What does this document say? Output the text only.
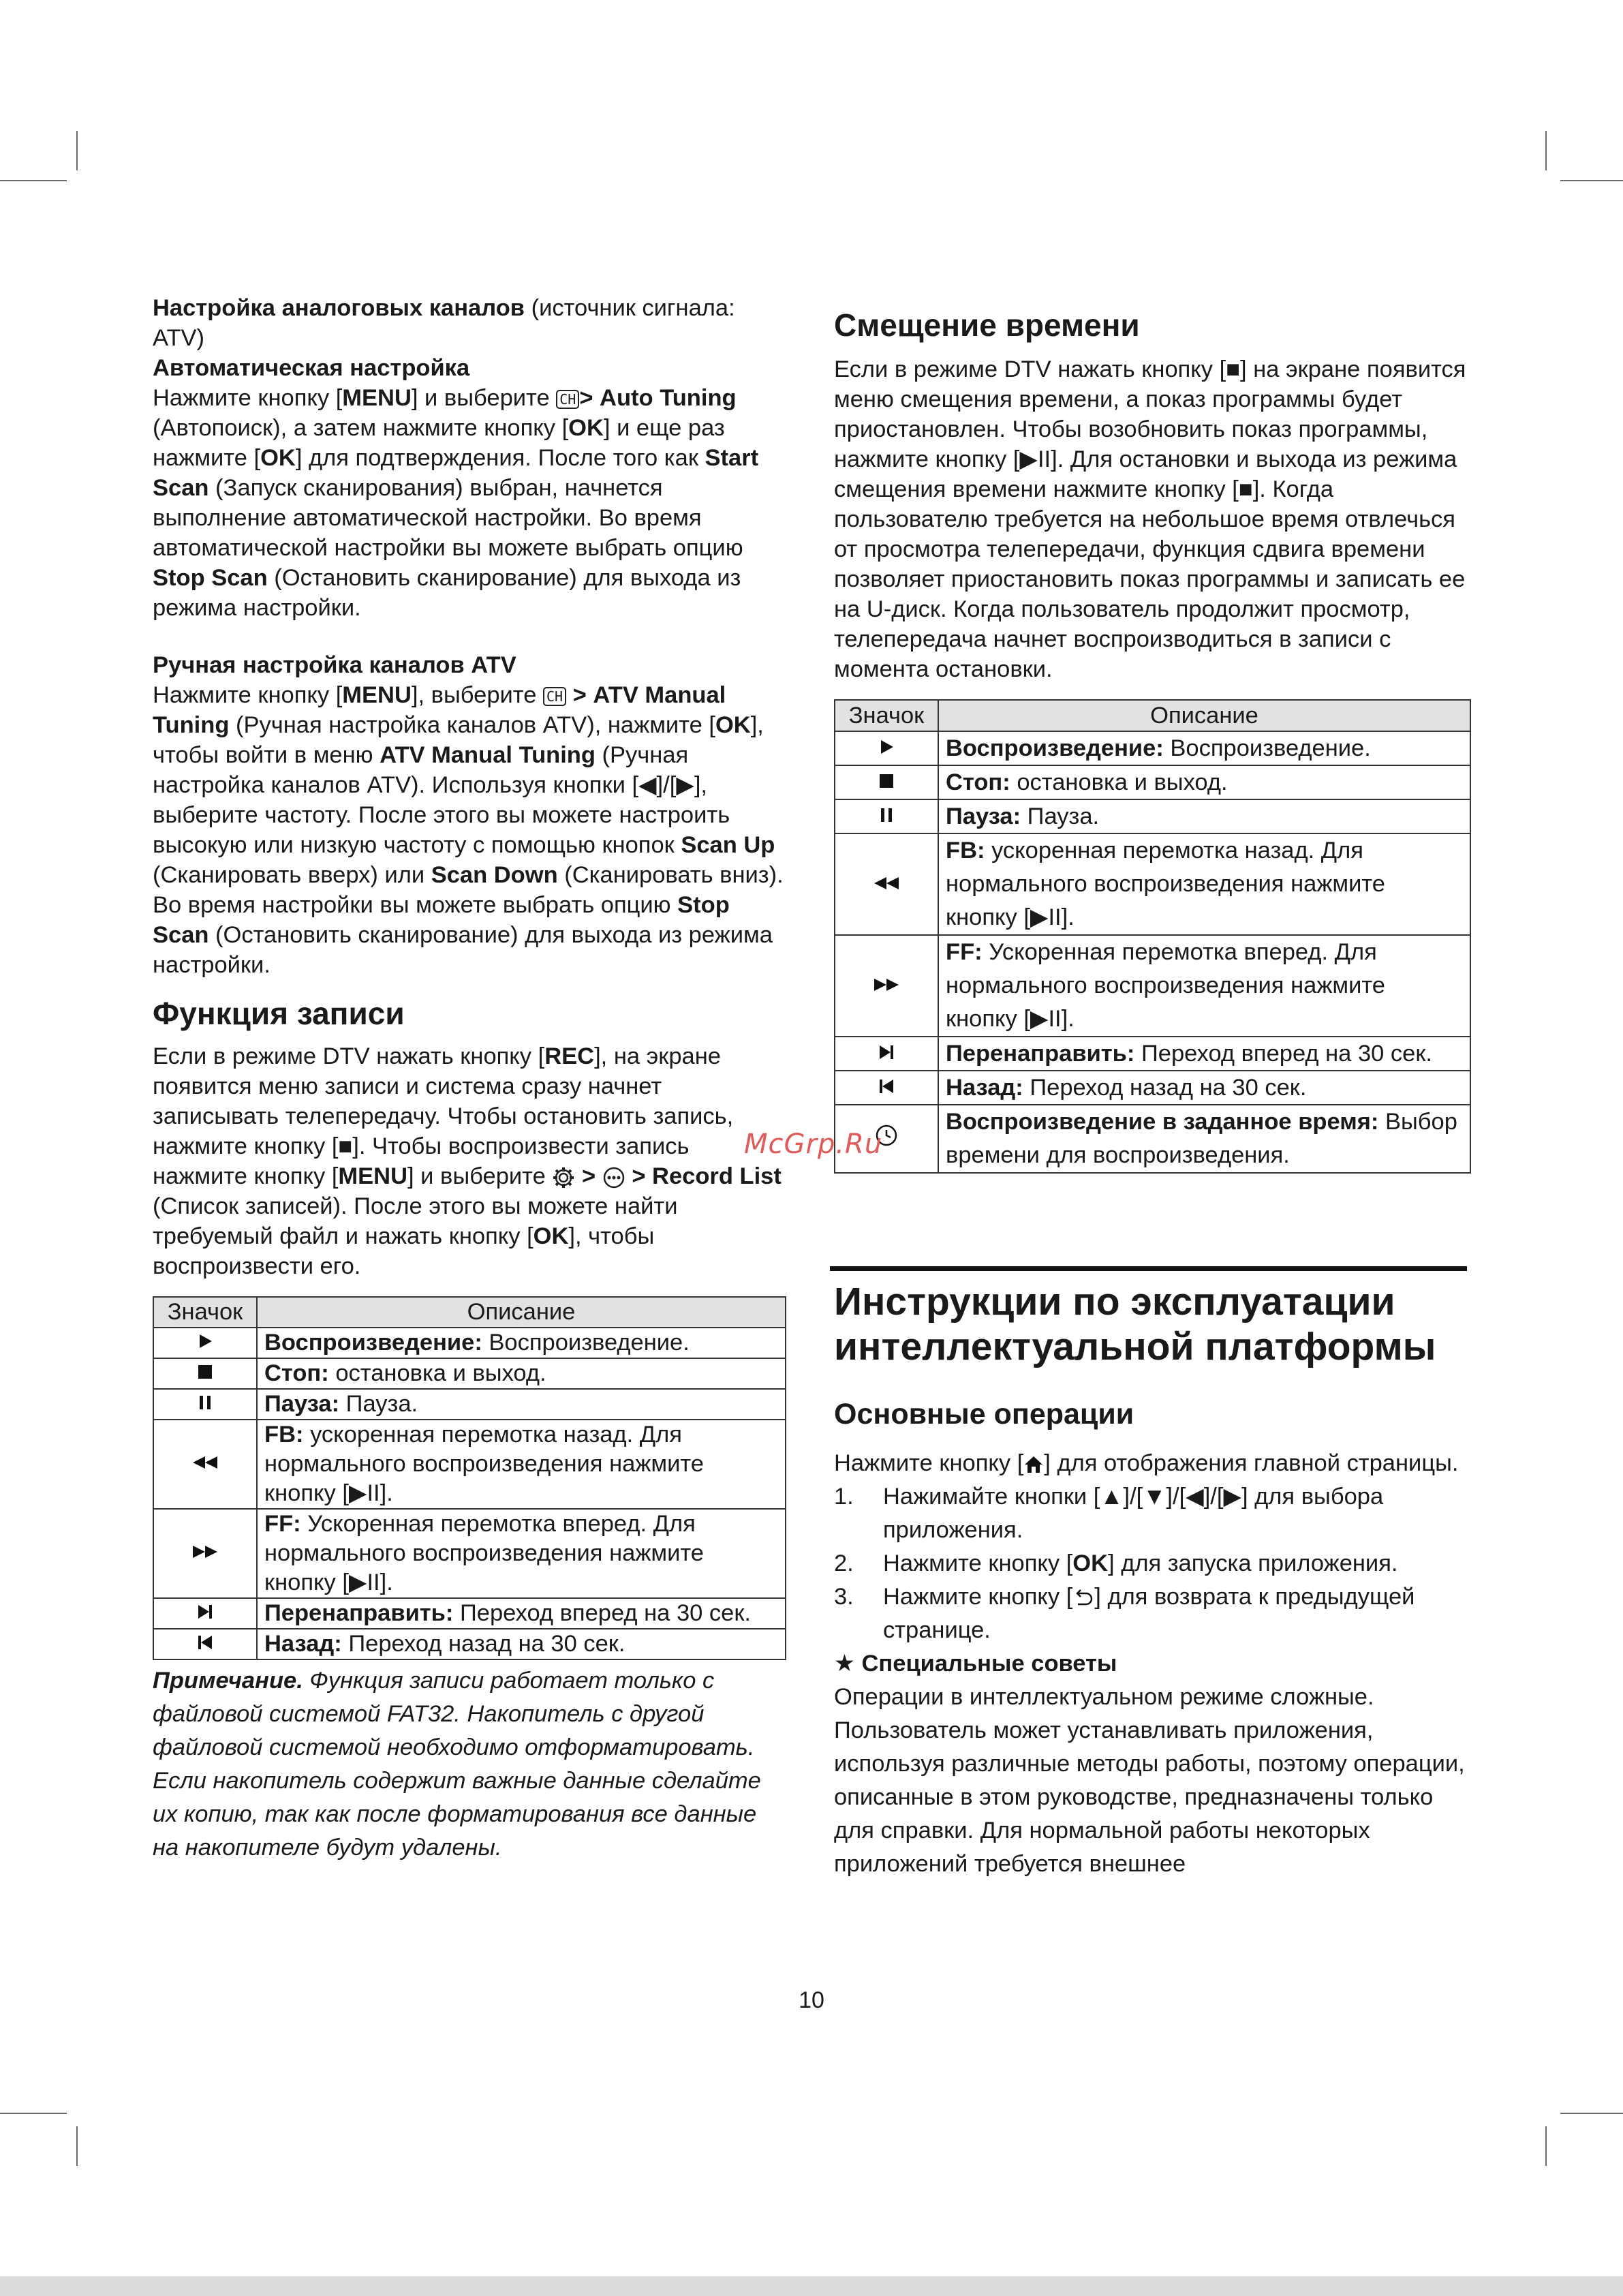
Настройка аналоговых каналов (источник сигнала: ATV)

Автоматическая настройка

Нажмите кнопку [MENU] и выберите CH > Auto Tuning (Автопоиск), а затем нажмите кнопку [OK] и еще раз нажмите [OK] для подтверждения. После того как Start Scan (Запуск сканирования) выбран, начнется выполнение автоматической настройки. Во время автоматической настройки вы можете выбрать опцию Stop Scan (Остановить сканирование) для выхода из режима настройки.

Ручная настройка каналов ATV

Нажмите кнопку [MENU], выберите CH > ATV Manual Tuning (Ручная настройка каналов ATV), нажмите [OK], чтобы войти в меню ATV Manual Tuning (Ручная настройка каналов ATV). Используя кнопки [◀]/[▶], выберите частоту. После этого вы можете настроить высокую или низкую частоту с помощью кнопок Scan Up (Сканировать вверх) или Scan Down (Сканировать вниз). Во время настройки вы можете выбрать опцию Stop Scan (Остановить сканирование) для выхода из режима настройки.

Функция записи

Если в режиме DTV нажать кнопку [REC], на экране появится меню записи и система сразу начнет записывать телепередачу. Чтобы остановить запись, нажмите кнопку [■]. Чтобы воспроизвести запись нажмите кнопку [MENU] и выберите  > > Record List (Список записей). После этого вы можете найти требуемый файл и нажать кнопку [OK], чтобы воспроизвести его.

Значок	Описание
	Воспроизведение: Воспроизведение.
	Стоп: остановка и выход.
	Пауза: Пауза.
	FB: ускоренная перемотка назад. Для нормального воспроизведения нажмите кнопку [▶II].
	FF: Ускоренная перемотка вперед. Для нормального воспроизведения нажмите кнопку [▶II].
	Перенаправить: Переход вперед на 30 сек.
	Назад: Переход назад на 30 сек.

Примечание. Функция записи работает только с файловой системой FAT32. Накопитель с другой файловой системой необходимо отформатировать. Если накопитель содержит важные данные сделайте их копию, так как после форматирования все данные на накопителе будут удалены.

Смещение времени

Если в режиме DTV нажать кнопку [■] на экране появится меню смещения времени, а показ программы будет приостановлен. Чтобы возобновить показ программы, нажмите кнопку [▶II]. Для остановки и выхода из режима смещения времени нажмите кнопку [■]. Когда пользователю требуется на небольшое время отвлечься от просмотра телепередачи, функция сдвига времени позволяет приостановить показ программы и записать ее на U-диск. Когда пользователь продолжит просмотр, телепередача начнет воспроизводиться в записи с момента остановки.

Значок	Описание
	Воспроизведение: Воспроизведение.
	Стоп: остановка и выход.
	Пауза: Пауза.
	FB: ускоренная перемотка назад. Для нормального воспроизведения нажмите кнопку [▶II].
	FF: Ускоренная перемотка вперед. Для нормального воспроизведения нажмите кнопку [▶II].
	Перенаправить: Переход вперед на 30 сек.
	Назад: Переход назад на 30 сек.
	Воспроизведение в заданное время: Выбор времени для воспроизведения.
Инструкции по эксплуатации интеллектуальной платформы
Основные операции

Нажмите кнопку [ ] для отображения главной страницы.

1. Нажимайте кнопки [▲]/[▼]/[◀]/[▶] для выбора приложения.
2. Нажмите кнопку [OK] для запуска приложения.
3. Нажмите кнопку [ ] для возврата к предыдущей странице.

★ Специальные советы

Операции в интеллектуальном режиме сложные. Пользователь может устанавливать приложения, используя различные методы работы, поэтому операции, описанные в этом руководстве, предназначены только для справки. Для нормальной работы некоторых приложений требуется внешнее

McGrp.Ru
10
